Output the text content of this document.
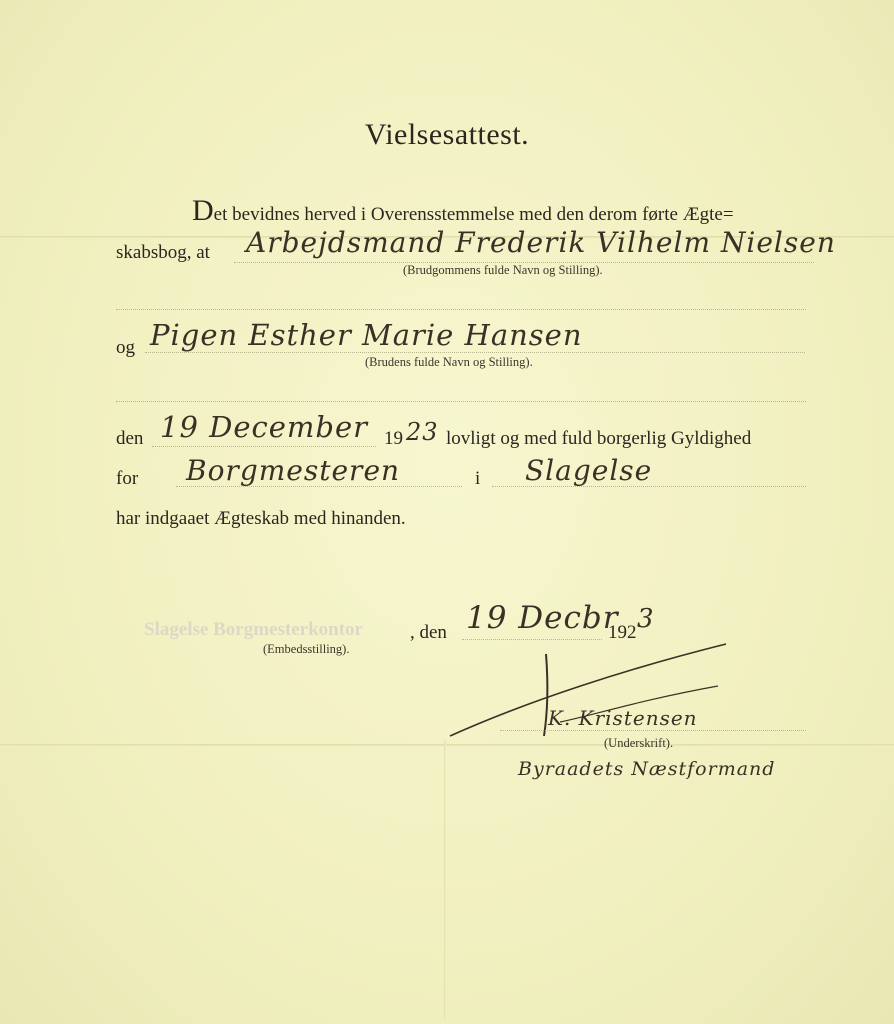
Vielsesattest.
Det bevidnes herved i Overensstemmelse med den derom førte Ægte=
skabsbog, at Arbejdsmand Frederik Vilhelm Nielsen
(Brudgommens fulde Navn og Stilling).
og Pigen Esther Marie Hansen
(Brudens fulde Navn og Stilling).
den 19 December 19 23 lovligt og med fuld borgerlig Gyldighed
for Borgmesteren	i Slagelse
har indgaaet Ægteskab med hinanden.
Slagelse Borgmesterkontor
(Embedsstilling).
, den 19 Decbr
192 3
K. Kristensen
(Underskrift).
Byraadets Næstformand
